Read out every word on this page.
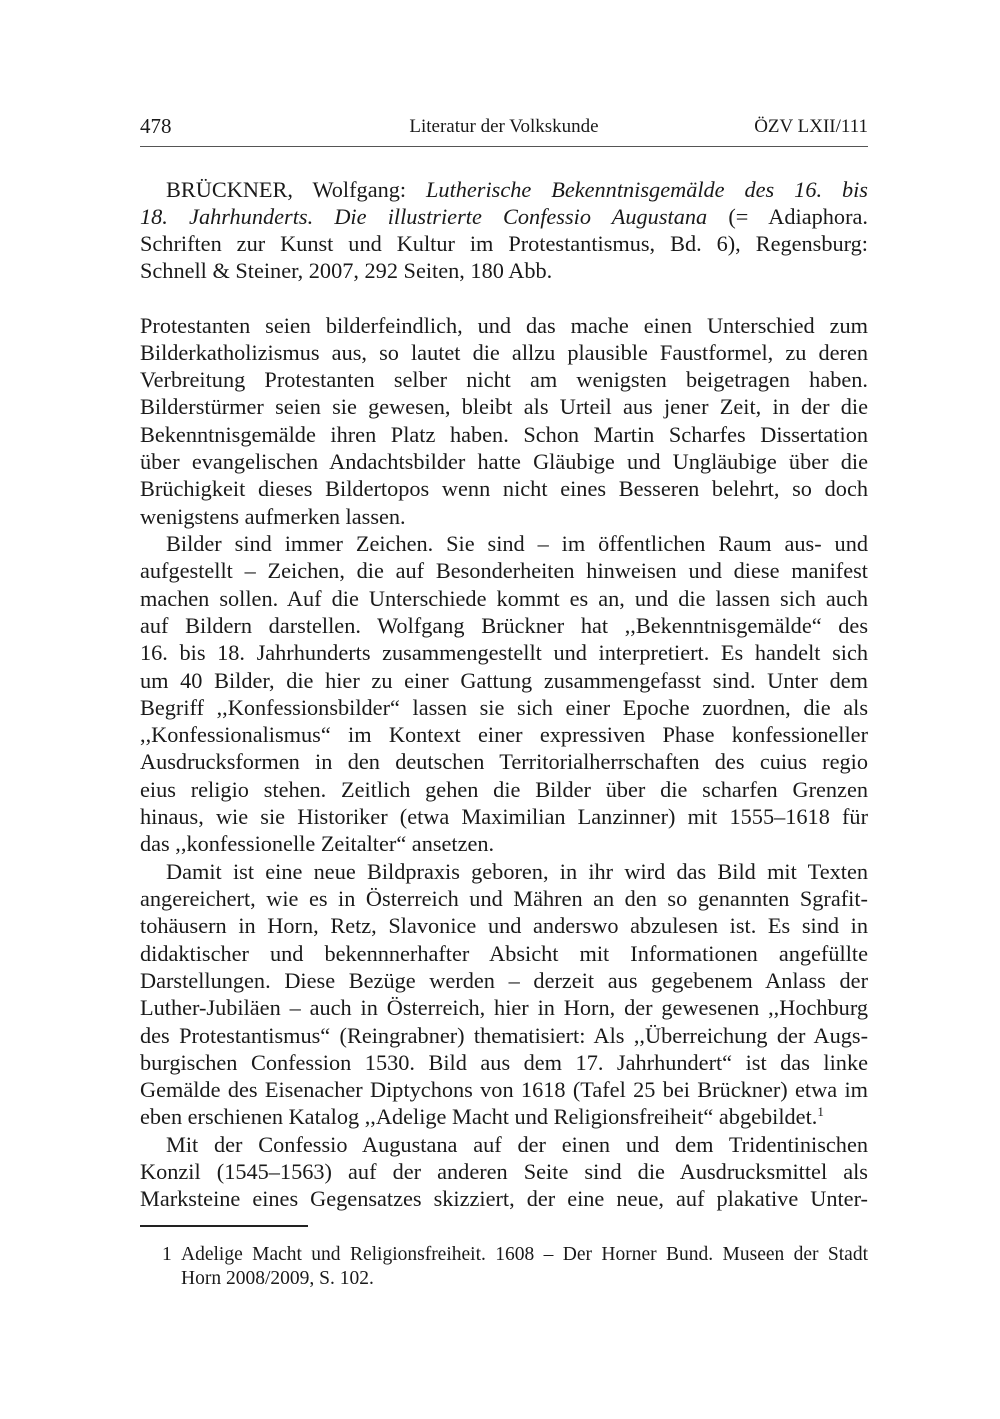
478	Literatur der Volkskunde	ÖZV LXII/111
BRÜCKNER, Wolfgang: Lutherische Bekenntnisgemälde des 16. bis
18. Jahrhunderts. Die illustrierte Confessio Augustana (= Adiaphora.
Schriften zur Kunst und Kultur im Protestantismus, Bd. 6), Regensburg:
Schnell & Steiner, 2007, 292 Seiten, 180 Abb.
Protestanten seien bilderfeindlich, und das mache einen Unterschied zum
Bilderkatholizismus aus, so lautet die allzu plausible Faustformel, zu deren
Verbreitung Protestanten selber nicht am wenigsten beigetragen haben.
Bilderstürmer seien sie gewesen, bleibt als Urteil aus jener Zeit, in der die
Bekenntnisgemälde ihren Platz haben. Schon Martin Scharfes Dissertation
über evangelischen Andachtsbilder hatte Gläubige und Ungläubige über die
Brüchigkeit dieses Bildertopos wenn nicht eines Besseren belehrt, so doch
wenigstens aufmerken lassen.
Bilder sind immer Zeichen. Sie sind – im öffentlichen Raum aus- und
aufgestellt – Zeichen, die auf Besonderheiten hinweisen und diese manifest
machen sollen. Auf die Unterschiede kommt es an, und die lassen sich auch
auf Bildern darstellen. Wolfgang Brückner hat ,,Bekenntnisgemälde“ des
16. bis 18. Jahrhunderts zusammengestellt und interpretiert. Es handelt sich
um 40 Bilder, die hier zu einer Gattung zusammengefasst sind. Unter dem
Begriff ,,Konfessionsbilder“ lassen sie sich einer Epoche zuordnen, die als
,,Konfessionalismus“ im Kontext einer expressiven Phase konfessioneller
Ausdrucksformen in den deutschen Territorialherrschaften des cuius regio
eius religio stehen. Zeitlich gehen die Bilder über die scharfen Grenzen
hinaus, wie sie Historiker (etwa Maximilian Lanzinner) mit 1555–1618 für
das ,,konfessionelle Zeitalter“ ansetzen.
Damit ist eine neue Bildpraxis geboren, in ihr wird das Bild mit Texten
angereichert, wie es in Österreich und Mähren an den so genannten Sgrafit-
tohäusern in Horn, Retz, Slavonice und anderswo abzulesen ist. Es sind in
didaktischer und bekennnerhafter Absicht mit Informationen angefüllte
Darstellungen. Diese Bezüge werden – derzeit aus gegebenem Anlass der
Luther-Jubiläen – auch in Österreich, hier in Horn, der gewesenen ,,Hochburg
des Protestantismus“ (Reingrabner) thematisiert: Als ,,Überreichung der Augs-
burgischen Confession 1530. Bild aus dem 17. Jahrhundert“ ist das linke
Gemälde des Eisenacher Diptychons von 1618 (Tafel 25 bei Brückner) etwa im
eben erschienen Katalog ,,Adelige Macht und Religionsfreiheit“ abgebildet.$^1$
Mit der Confessio Augustana auf der einen und dem Tridentinischen
Konzil (1545–1563) auf der anderen Seite sind die Ausdrucksmittel als
Marksteine eines Gegensatzes skizziert, der eine neue, auf plakative Unter-
1 Adelige Macht und Religionsfreiheit. 1608 – Der Horner Bund. Museen der Stadt
Horn 2008/2009, S. 102.
